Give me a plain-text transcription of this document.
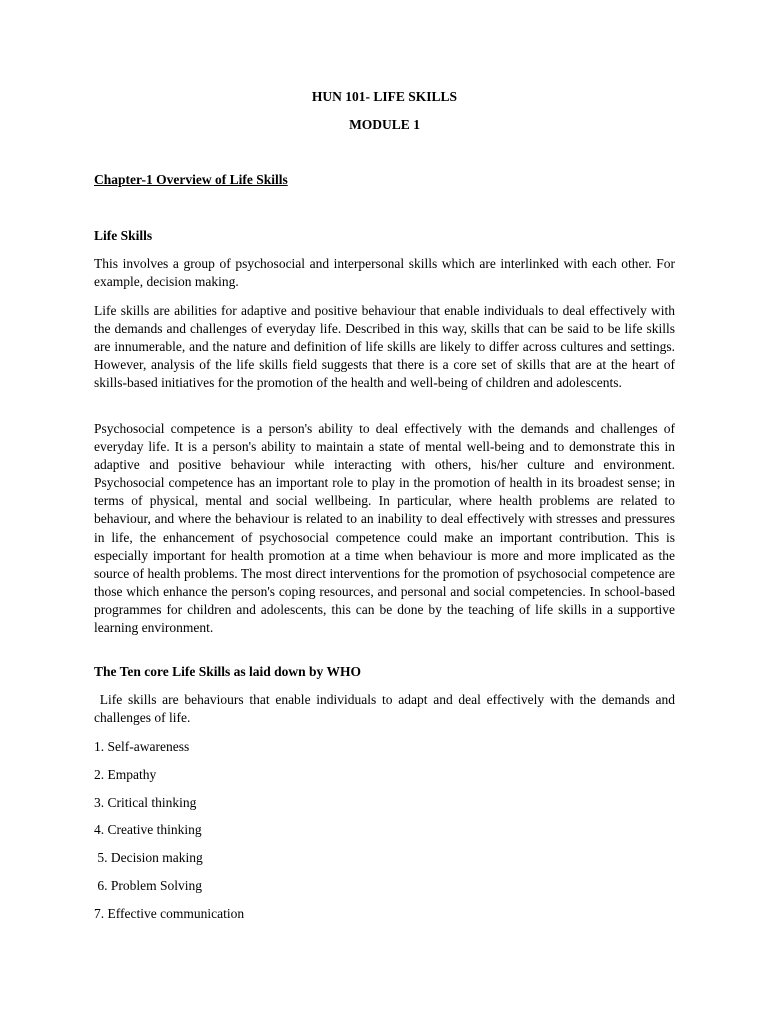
HUN 101- LIFE SKILLS
MODULE 1
Chapter-1 Overview of Life Skills
Life Skills

This involves a group of psychosocial and interpersonal skills which are interlinked with each other. For example, decision making.

Life skills are abilities for adaptive and positive behaviour that enable individuals to deal effectively with the demands and challenges of everyday life. Described in this way, skills that can be said to be life skills are innumerable, and the nature and definition of life skills are likely to differ across cultures and settings. However, analysis of the life skills field suggests that there is a core set of skills that are at the heart of skills-based initiatives for the promotion of the health and well-being of children and adolescents.

Psychosocial competence is a person's ability to deal effectively with the demands and challenges of everyday life. It is a person's ability to maintain a state of mental well-being and to demonstrate this in adaptive and positive behaviour while interacting with others, his/her culture and environment. Psychosocial competence has an important role to play in the promotion of health in its broadest sense; in terms of physical, mental and social wellbeing. In particular, where health problems are related to behaviour, and where the behaviour is related to an inability to deal effectively with stresses and pressures in life, the enhancement of psychosocial competence could make an important contribution. This is especially important for health promotion at a time when behaviour is more and more implicated as the source of health problems. The most direct interventions for the promotion of psychosocial competence are those which enhance the person's coping resources, and personal and social competencies. In school-based programmes for children and adolescents, this can be done by the teaching of life skills in a supportive learning environment.

The Ten core Life Skills as laid down by WHO

Life skills are behaviours that enable individuals to adapt and deal effectively with the demands and challenges of life.

1. Self-awareness
2. Empathy
3. Critical thinking
4. Creative thinking
5. Decision making
6. Problem Solving
7. Effective communication
